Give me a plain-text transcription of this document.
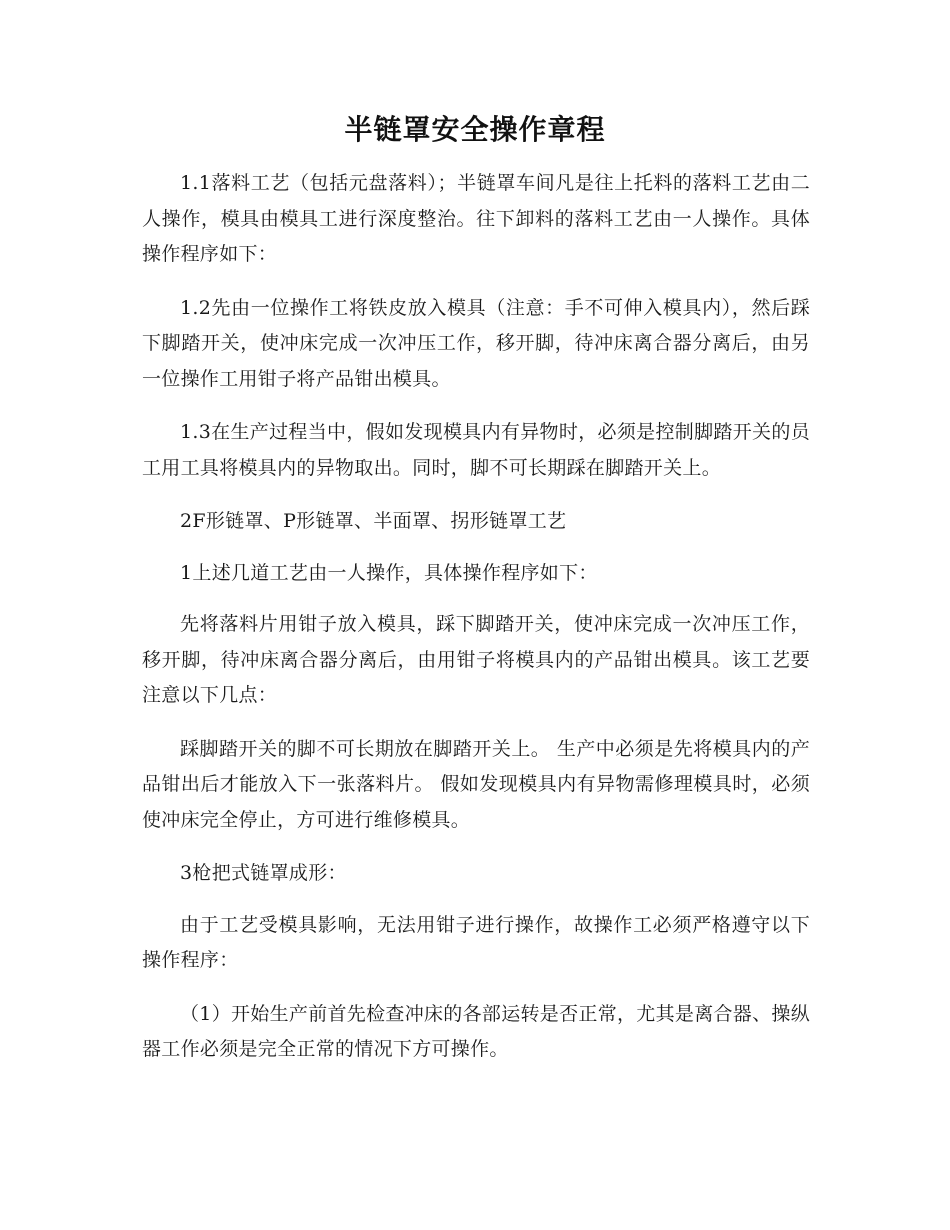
半链罩安全操作章程

1.1落料工艺（包括元盘落料）；半链罩车间凡是往上托料的落料工艺由二人操作，模具由模具工进行深度整治。往下卸料的落料工艺由一人操作。具体操作程序如下：

1.2先由一位操作工将铁皮放入模具（注意：手不可伸入模具内），然后踩下脚踏开关，使冲床完成一次冲压工作，移开脚，待冲床离合器分离后，由另一位操作工用钳子将产品钳出模具。

1.3在生产过程当中，假如发现模具内有异物时，必须是控制脚踏开关的员工用工具将模具内的异物取出。同时，脚不可长期踩在脚踏开关上。

2F形链罩、P形链罩、半面罩、拐形链罩工艺

1上述几道工艺由一人操作，具体操作程序如下：

先将落料片用钳子放入模具，踩下脚踏开关，使冲床完成一次冲压工作，移开脚，待冲床离合器分离后，由用钳子将模具内的产品钳出模具。该工艺要注意以下几点：

踩脚踏开关的脚不可长期放在脚踏开关上。 生产中必须是先将模具内的产品钳出后才能放入下一张落料片。 假如发现模具内有异物需修理模具时，必须使冲床完全停止，方可进行维修模具。

3枪把式链罩成形：

由于工艺受模具影响，无法用钳子进行操作，故操作工必须严格遵守以下操作程序：

（1）开始生产前首先检查冲床的各部运转是否正常，尤其是离合器、操纵器工作必须是完全正常的情况下方可操作。
